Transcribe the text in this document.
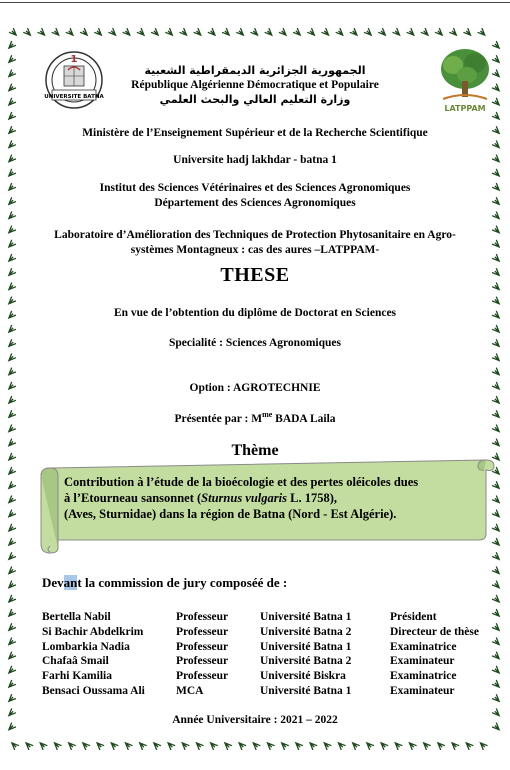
UNIVERSITE BATNA
1
LATPPAM
الجمهورية الجزائرية الديمقراطية الشعبية
République Algérienne Démocratique et Populaire
وزارة التعليم العالي والبحث العلمي
Ministère de l’Enseignement Supérieur et de la Recherche Scientifique
Universite hadj lakhdar - batna 1
Institut des Sciences Vétérinaires et des Sciences Agronomiques
Département des Sciences Agronomiques
Laboratoire d’Amélioration des Techniques de Protection Phytosanitaire en Agro-systèmes Montagneux : cas des aures –LATPPAM-
THESE
En vue de l’obtention du diplôme de Doctorat en Sciences
Specialité : Sciences Agronomiques
Option : AGROTECHNIE
Présentée par : $M^{me}$ BADA Laila
Thème
Contribution à l’étude de la bioécologie et des pertes oléicoles dues
à l’Etourneau sansonnet (Sturnus vulgaris L. 1758),
(Aves, Sturnidae) dans la région de Batna (Nord - Est Algérie).
Devant la commission de jury composéé de :
Bertella Nabil	Professeur	Université Batna 1	Président
Si Bachir Abdelkrim	Professeur	Université Batna 2	Directeur de thèse
Lombarkia Nadia	Professeur	Université Batna 1	Examinatrice
Chafaâ Smail	Professeur	Université Batna 2	Examinateur
Farhi Kamilia	Professeur	Université Biskra	Examinatrice
Bensaci Oussama Ali	MCA	Université Batna 1	Examinateur
Année Universitaire : 2021 – 2022
